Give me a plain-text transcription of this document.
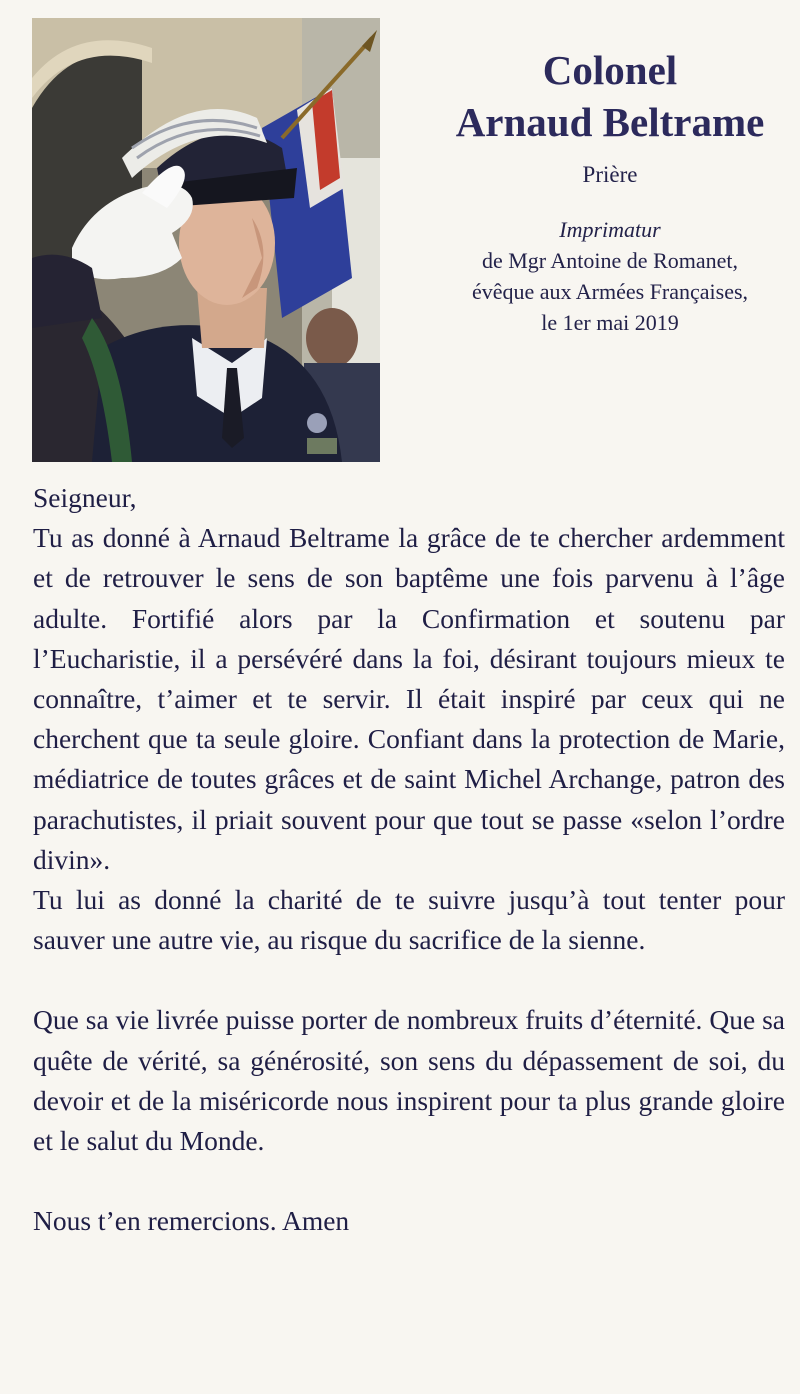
Colonel
Arnaud Beltrame
Prière
Imprimatur
de Mgr Antoine de Romanet,
évêque aux Armées Françaises,
le 1er mai 2019

Seigneur,

Tu as donné à Arnaud Beltrame la grâce de te chercher ardemment et de retrouver le sens de son baptême une fois parvenu à l’âge adulte. Fortifié alors par la Confirmation et soutenu par l’Eucharistie, il a persévéré dans la foi, désirant toujours mieux te connaître, t’aimer et te servir. Il était inspiré par ceux qui ne cherchent que ta seule gloire. Confiant dans la protection de Marie, médiatrice de toutes grâces et de saint Michel Archange, patron des parachutistes, il priait souvent pour que tout se passe «selon l’ordre divin».

Tu lui as donné la charité de te suivre jusqu’à tout tenter pour sauver une autre vie, au risque du sacrifice de la sienne.

Que sa vie livrée puisse porter de nombreux fruits d’éternité. Que sa quête de vérité, sa générosité, son sens du dépassement de soi, du devoir et de la miséricorde nous inspirent pour ta plus grande gloire et le salut du Monde.

Nous t’en remercions. Amen
